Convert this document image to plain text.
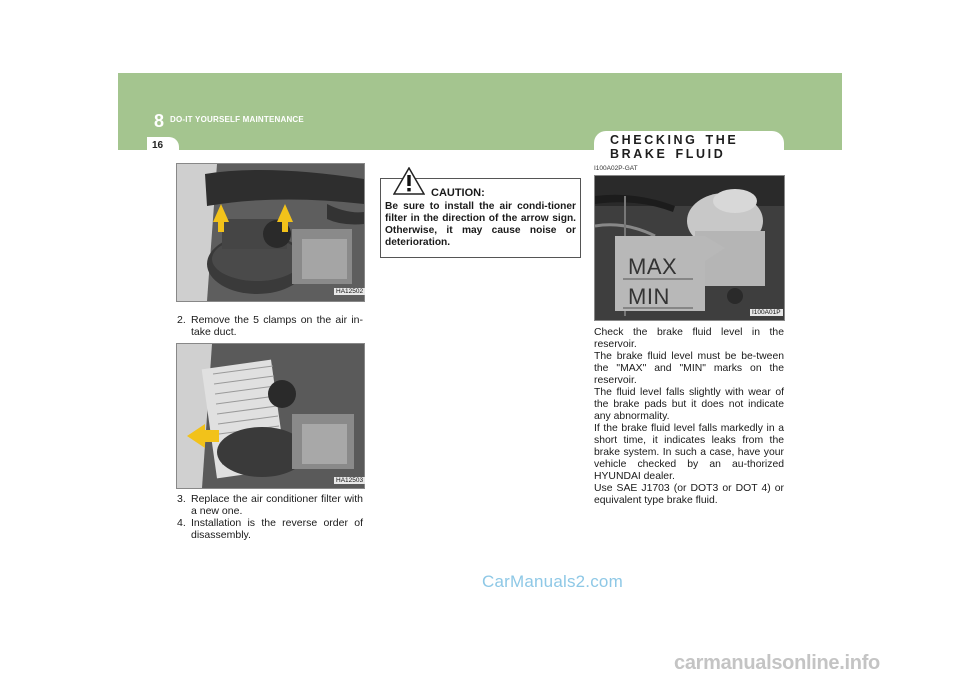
8 DO-IT YOURSELF MAINTENANCE
16	CHECKING THE BRAKE FLUID
HA12502
2. Remove the 5 clamps on the air in-take duct.
HA12503
3. Replace the air conditioner filter with a new one.
4. Installation is the reverse order of disassembly.
CAUTION:
Be sure to install the air condi-tioner filter in the direction of the arrow sign. Otherwise, it may cause noise or deterioration.
I100A02P-GAT
MAX
MIN
I100A01P

Check the brake fluid level in the reservoir.

The brake fluid level must be be-tween the "MAX" and "MIN" marks on the reservoir.

The fluid level falls slightly with wear of the brake pads but it does not indicate any abnormality.

If the brake fluid level falls markedly in a short time, it indicates leaks from the brake system. In such a case, have your vehicle checked by an au-thorized HYUNDAI dealer.

Use SAE J1703 (or DOT3 or DOT 4) or equivalent type brake fluid.

CarManuals2.com
carmanualsonline.info
